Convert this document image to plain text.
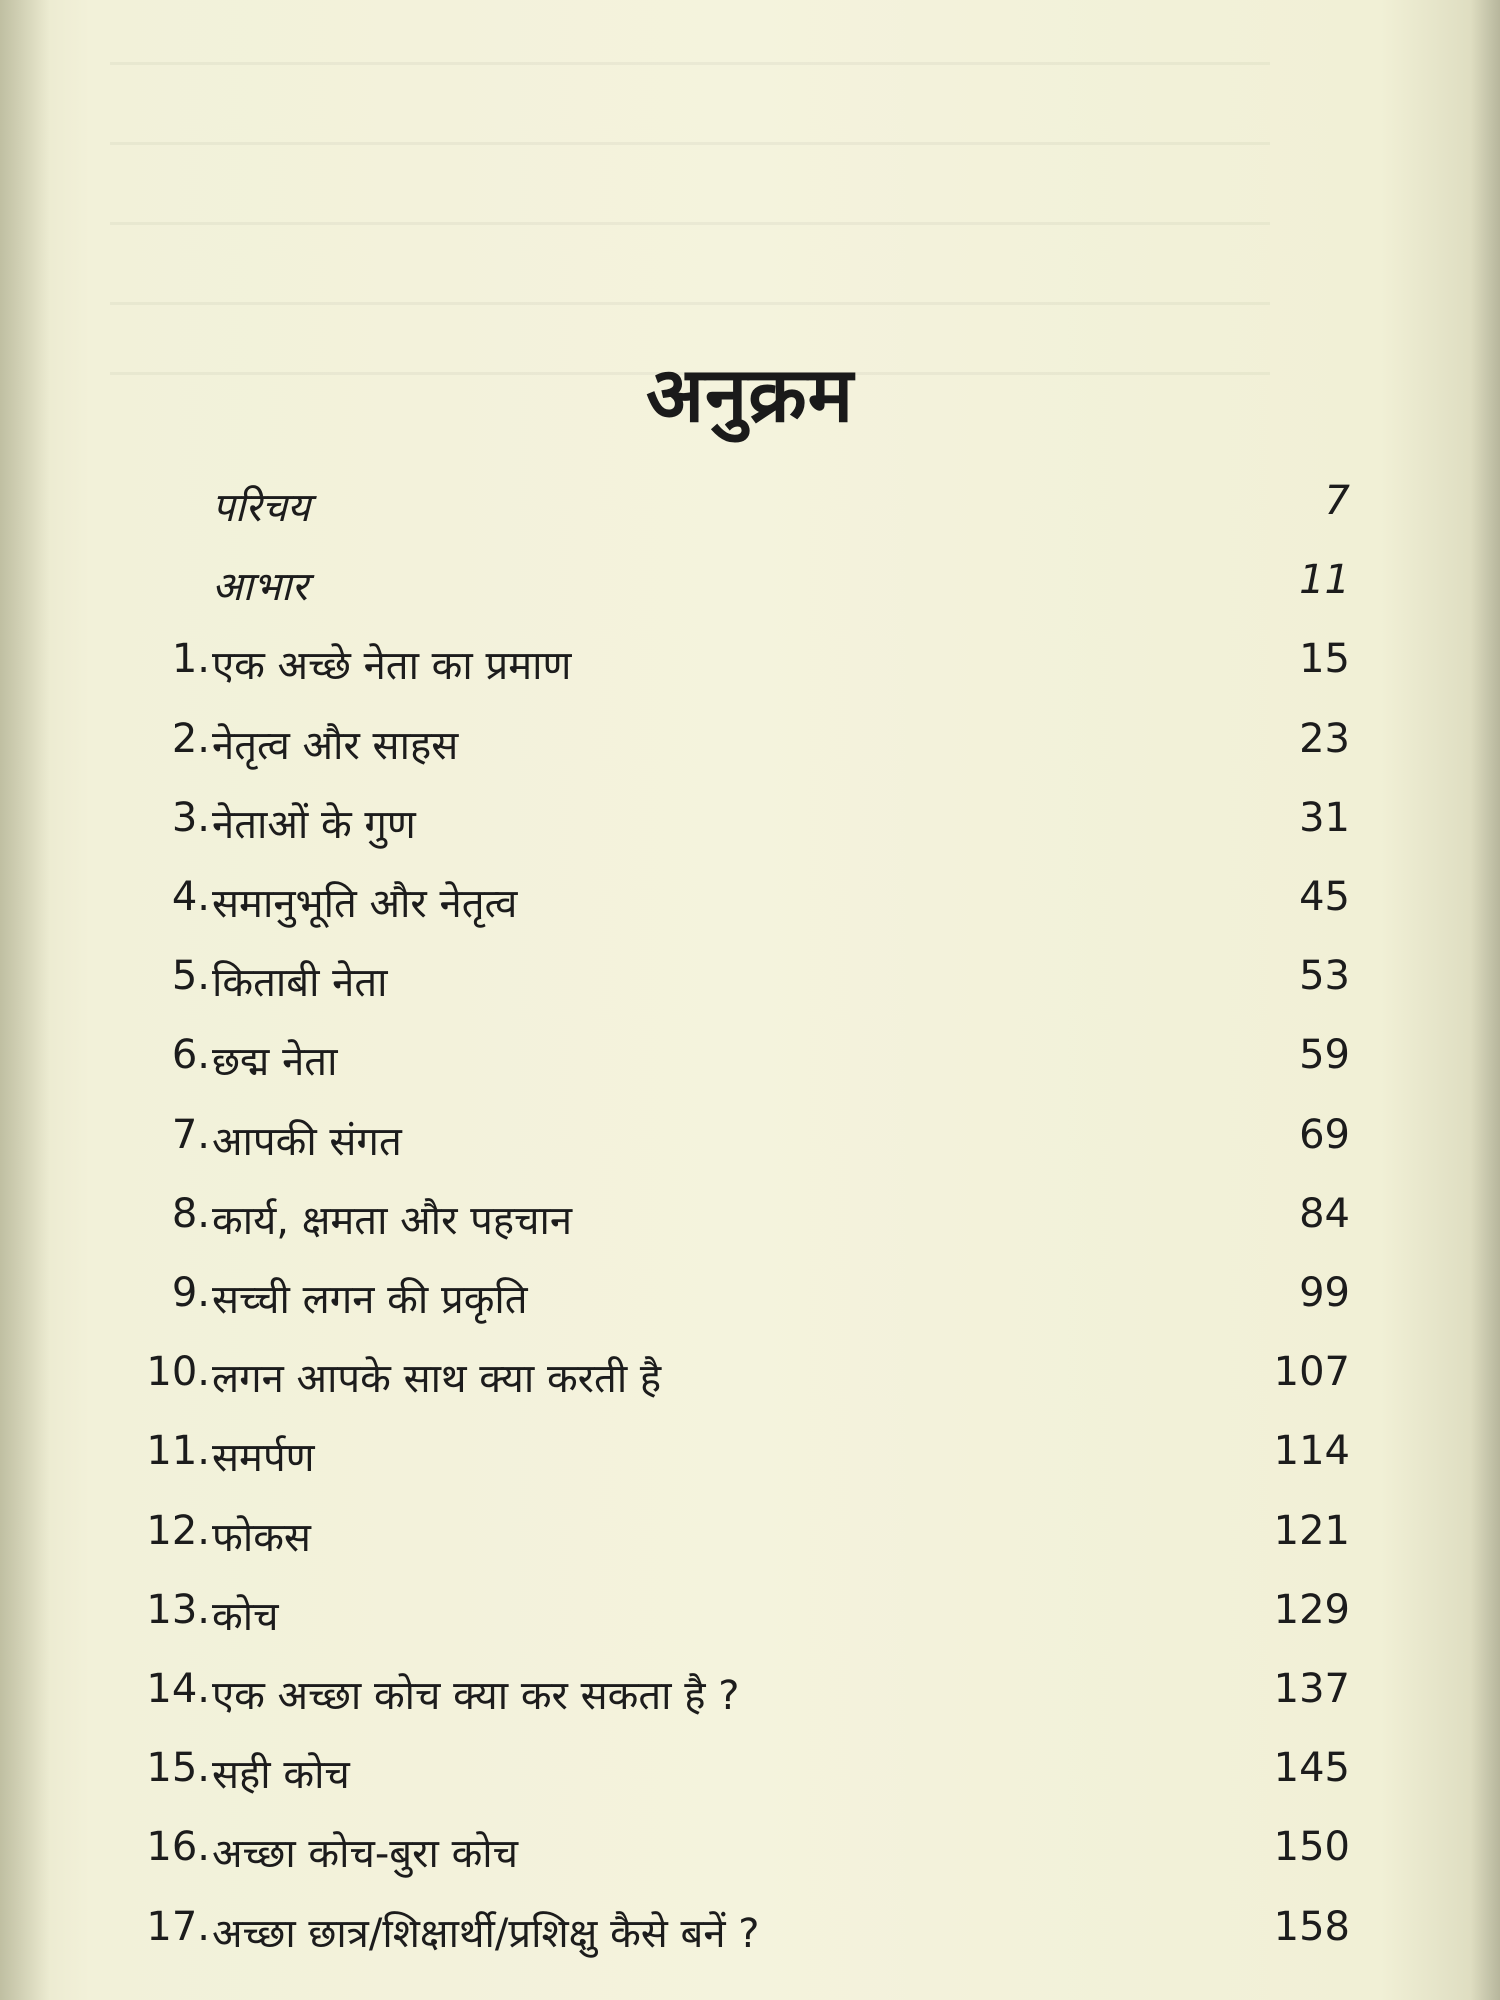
अनुक्रम
परिचय	7
आभार	11
1. एक अच्छे नेता का प्रमाण	15
2. नेतृत्व और साहस	23
3. नेताओं के गुण	31
4. समानुभूति और नेतृत्व	45
5. किताबी नेता	53
6. छद्म नेता	59
7. आपकी संगत	69
8. कार्य, क्षमता और पहचान	84
9. सच्ची लगन की प्रकृति	99
10. लगन आपके साथ क्या करती है	107
11. समर्पण	114
12. फोकस	121
13. कोच	129
14. एक अच्छा कोच क्या कर सकता है ?	137
15. सही कोच	145
16. अच्छा कोच-बुरा कोच	150
17. अच्छा छात्र/शिक्षार्थी/प्रशिक्षु कैसे बनें ?	158
